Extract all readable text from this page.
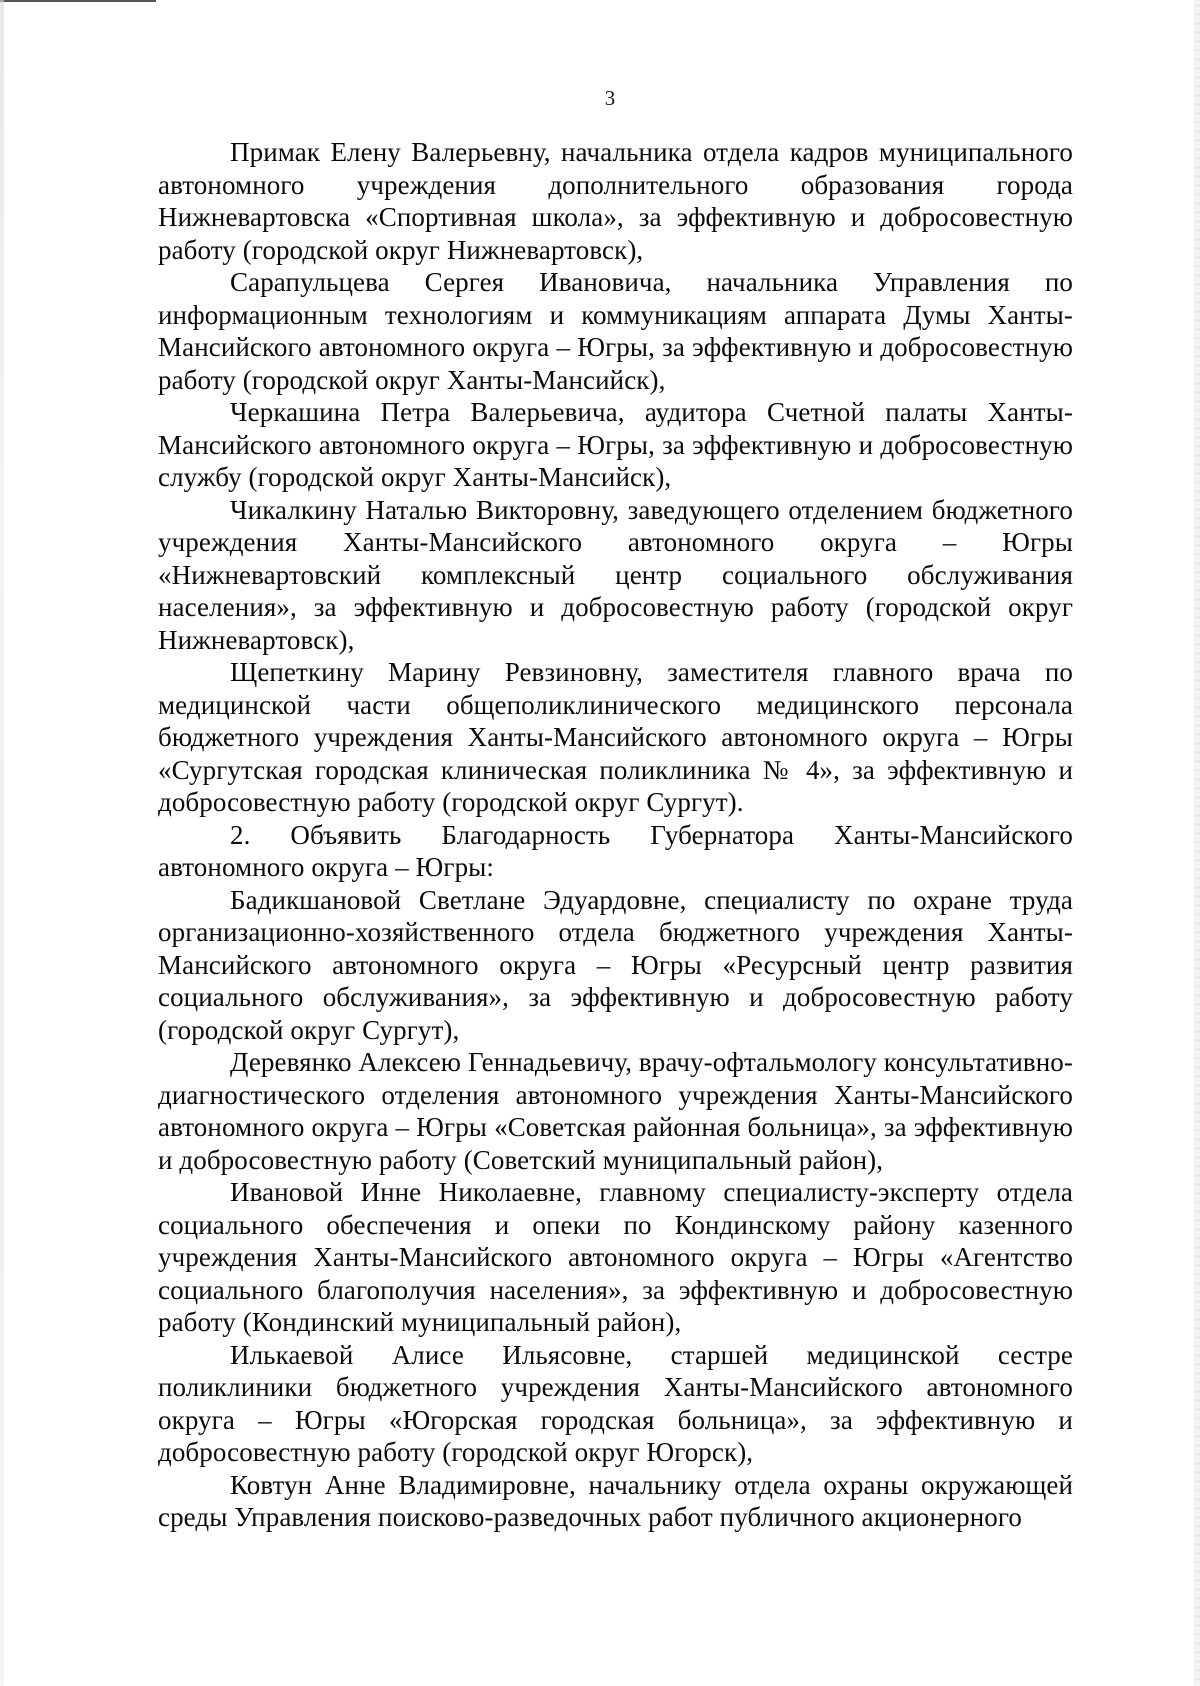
3

Примак Елену Валерьевну, начальника отдела кадров муниципального автономного учреждения дополнительного образования города Нижневартовска «Спортивная школа», за эффективную и добросовестную работу (городской округ Нижневартовск),

Сарапульцева Сергея Ивановича, начальника Управления по информационным технологиям и коммуникациям аппарата Думы Ханты-Мансийского автономного округа – Югры, за эффективную и добросовестную работу (городской округ Ханты-Мансийск),

Черкашина Петра Валерьевича, аудитора Счетной палаты Ханты-Мансийского автономного округа – Югры, за эффективную и добросовестную службу (городской округ Ханты-Мансийск),

Чикалкину Наталью Викторовну, заведующего отделением бюджетного учреждения Ханты-Мансийского автономного округа – Югры «Нижневартовский комплексный центр социального обслуживания населения», за эффективную и добросовестную работу (городской округ Нижневартовск),

Щепеткину Марину Ревзиновну, заместителя главного врача по медицинской части общеполиклинического медицинского персонала бюджетного учреждения Ханты-Мансийского автономного округа – Югры «Сургутская городская клиническая поликлиника № 4», за эффективную и добросовестную работу (городской округ Сургут).

2. Объявить Благодарность Губернатора Ханты-Мансийского автономного округа – Югры:

Бадикшановой Светлане Эдуардовне, специалисту по охране труда организационно-хозяйственного отдела бюджетного учреждения Ханты-Мансийского автономного округа – Югры «Ресурсный центр развития социального обслуживания», за эффективную и добросовестную работу (городской округ Сургут),

Деревянко Алексею Геннадьевичу, врачу-офтальмологу консультативно-диагностического отделения автономного учреждения Ханты-Мансийского автономного округа – Югры «Советская районная больница», за эффективную и добросовестную работу (Советский муниципальный район),

Ивановой Инне Николаевне, главному специалисту-эксперту отдела социального обеспечения и опеки по Кондинскому району казенного учреждения Ханты-Мансийского автономного округа – Югры «Агентство социального благополучия населения», за эффективную и добросовестную работу (Кондинский муниципальный район),

Илькаевой Алисе Ильясовне, старшей медицинской сестре поликлиники бюджетного учреждения Ханты-Мансийского автономного округа – Югры «Югорская городская больница», за эффективную и добросовестную работу (городской округ Югорск),

Ковтун Анне Владимировне, начальнику отдела охраны окружающей среды Управления поисково-разведочных работ публичного акционерного
